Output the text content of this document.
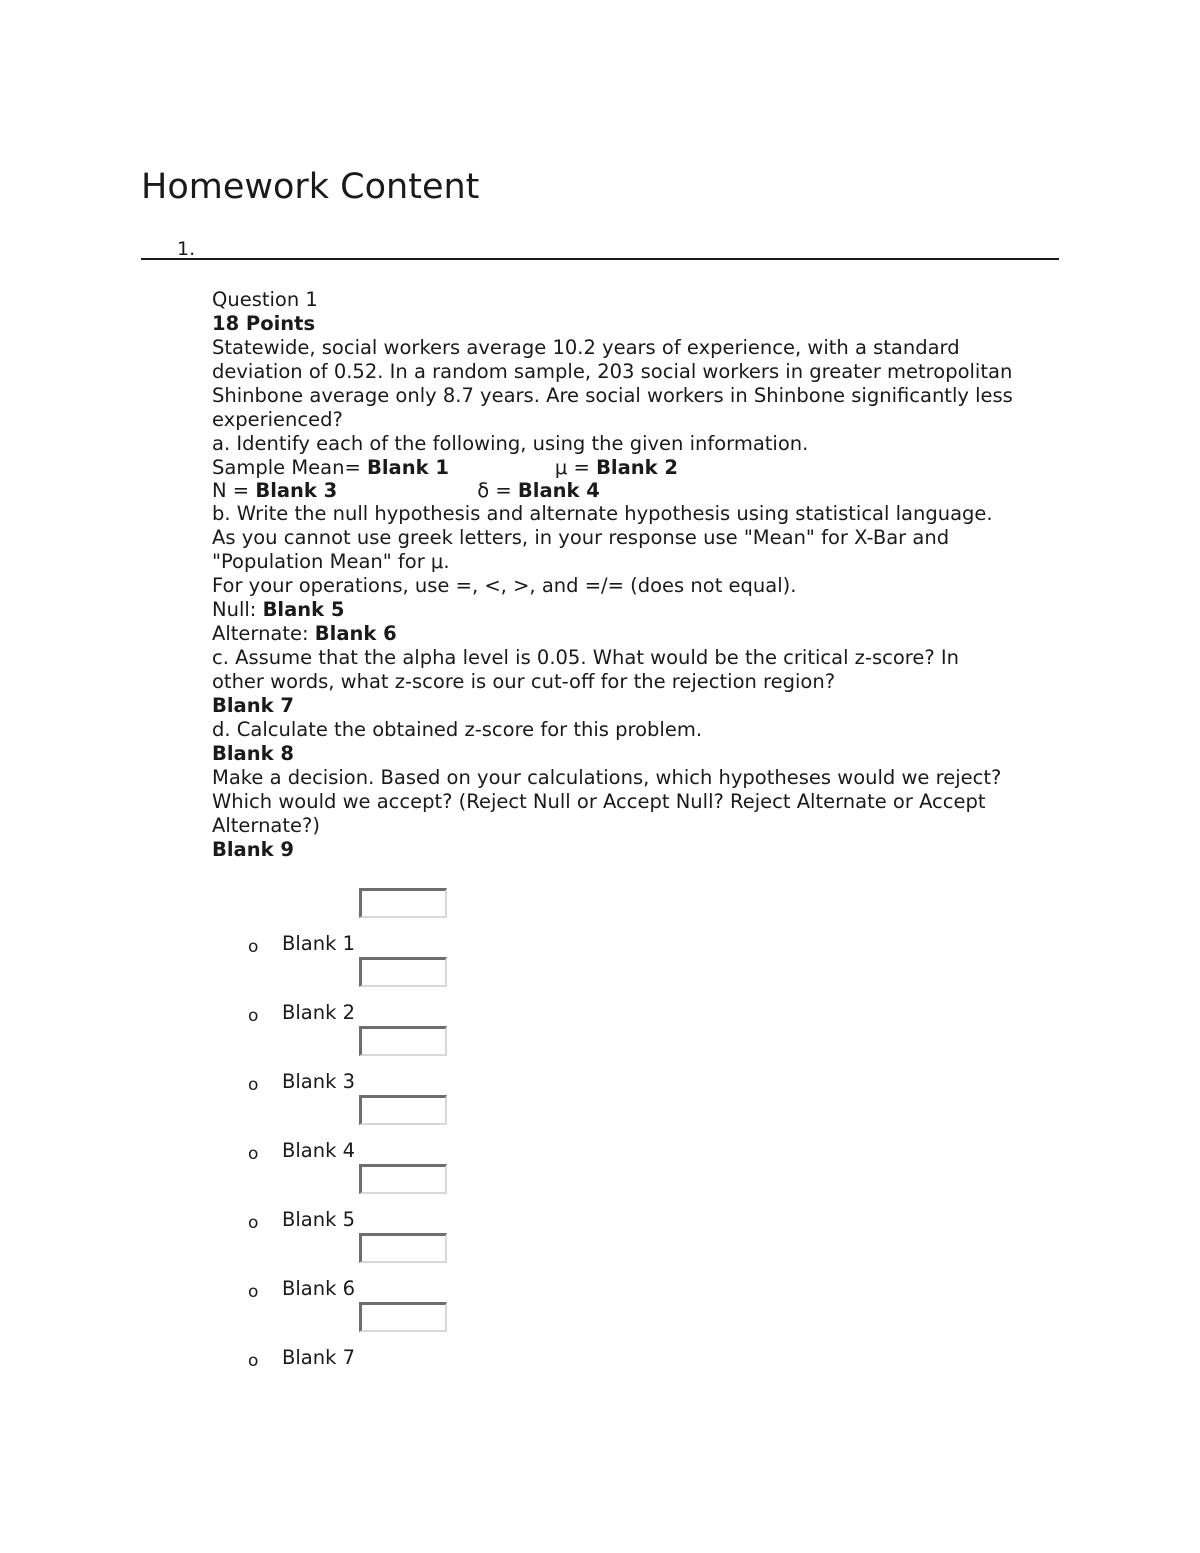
Homework Content
1.
Question 1
18 Points
Statewide, social workers average 10.2 years of experience, with a standard
deviation of 0.52. In a random sample, 203 social workers in greater metropolitan
Shinbone average only 8.7 years. Are social workers in Shinbone significantly less
experienced?
a. Identify each of the following, using the given information.
Sample Mean= Blank 1	μ = Blank 2
N = Blank 3	δ = Blank 4
b. Write the null hypothesis and alternate hypothesis using statistical language.
As you cannot use greek letters, in your response use "Mean" for X-Bar and
"Population Mean" for μ.
For your operations, use =, <, >, and =/= (does not equal).
Null: Blank 5
Alternate: Blank 6
c. Assume that the alpha level is 0.05. What would be the critical z-score? In
other words, what z-score is our cut-off for the rejection region?
Blank 7
d. Calculate the obtained z-score for this problem.
Blank 8
Make a decision. Based on your calculations, which hypotheses would we reject?
Which would we accept? (Reject Null or Accept Null? Reject Alternate or Accept
Alternate?)
Blank 9
o Blank 1
o Blank 2
o Blank 3
o Blank 4
o Blank 5
o Blank 6
o Blank 7
